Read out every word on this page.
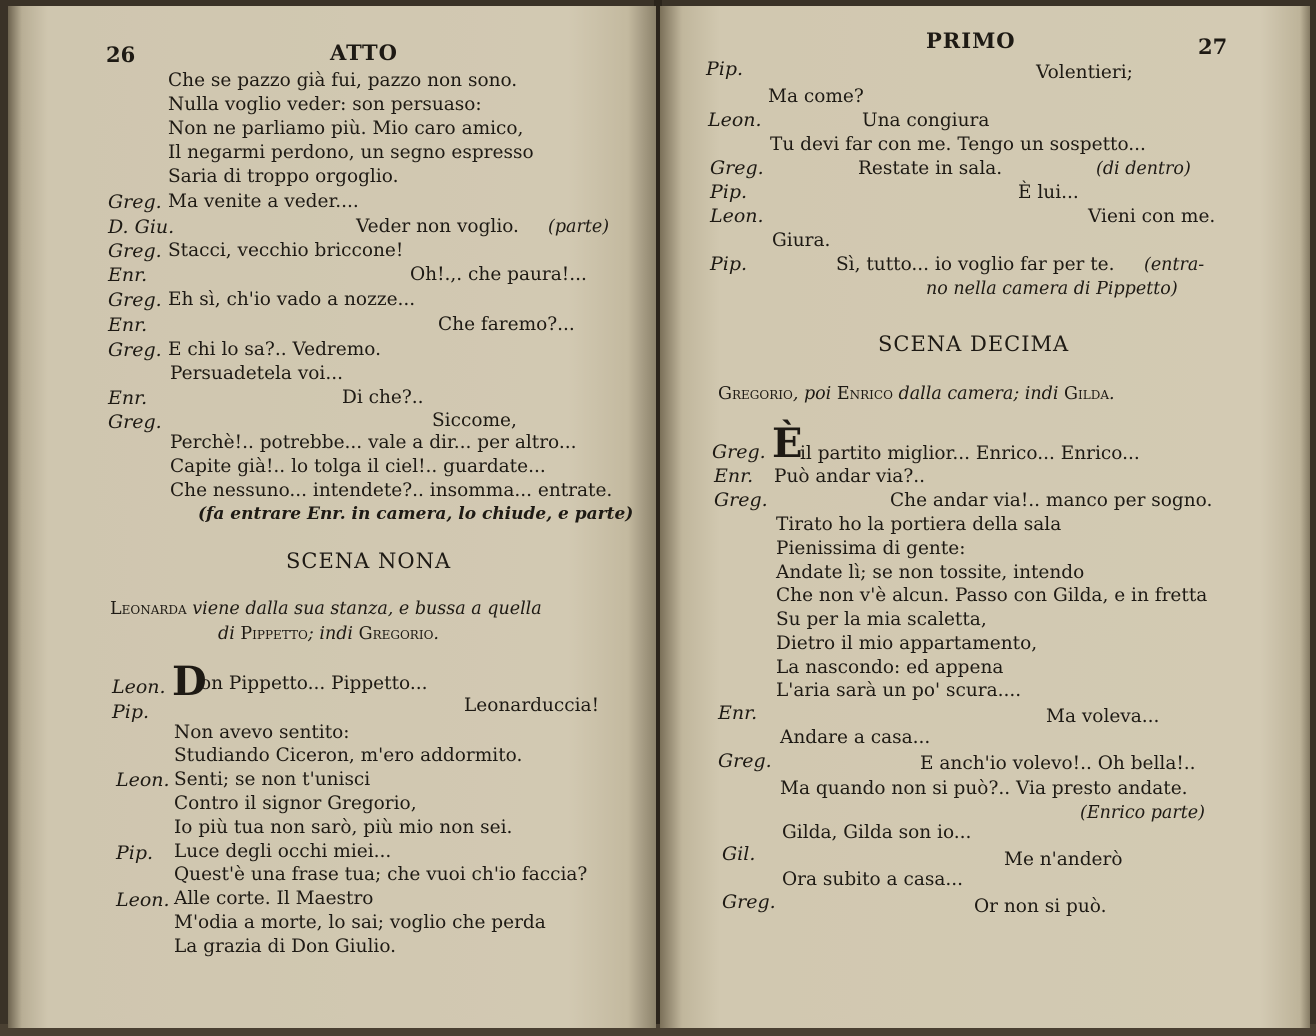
26	ATTO
Che se pazzo già fui, pazzo non sono.
Nulla voglio veder: son persuaso:
Non ne parliamo più. Mio caro amico,
Il negarmi perdono, un segno espresso
Saria di troppo orgoglio.
Greg. Ma venite a veder....
D. Giu.	Veder non voglio. (parte)
Greg. Stacci, vecchio briccone!
Enr.	Oh!.,. che paura!...
Greg. Eh sì, ch'io vado a nozze...
Enr.	Che faremo?...
Greg. E chi lo sa?.. Vedremo.
Persuadetela voi...
Enr.	Di che?..
Greg.	Siccome,
Perchè!.. potrebbe... vale a dir... per altro...
Capite già!.. lo tolga il ciel!.. guardate...
Che nessuno... intendete?.. insomma... entrate.
(fa entrare Enr. in camera, lo chiude, e parte)
SCENA NONA
Leonarda viene dalla sua stanza, e bussa a quella
di Pippetto; indi Gregorio.
Leon. D
on Pippetto... Pippetto...
Pip.	Leonarduccia!
Non avevo sentito:
Studiando Ciceron, m'ero addormito.
Leon. Senti; se non t'unisci
Contro il signor Gregorio,
Io più tua non sarò, più mio non sei.
Pip. Luce degli occhi miei...
Quest'è una frase tua; che vuoi ch'io faccia?
Leon. Alle corte. Il Maestro
M'odia a morte, lo sai; voglio che perda
La grazia di Don Giulio.
PRIMO	27
Pip.	Volentieri;
Ma come?
Leon.	Una congiura
Tu devi far con me. Tengo un sospetto...
Greg.	Restate in sala.	(di dentro)
Pip.	È lui...
Leon.	Vieni con me.
Giura.
Pip.	Sì, tutto... io voglio far per te. (entra-
no nella camera di Pippetto)
SCENA DECIMA
Gregorio, poi Enrico dalla camera; indi Gilda.
Greg. È
il partito miglior... Enrico... Enrico...
Enr. Può andar via?..
Greg.	Che andar via!.. manco per sogno.
Tirato ho la portiera della sala
Pienissima di gente:
Andate lì; se non tossite, intendo
Che non v'è alcun. Passo con Gilda, e in fretta
Su per la mia scaletta,
Dietro il mio appartamento,
La nascondo: ed appena
L'aria sarà un po' scura....
Enr.	Ma voleva...
Andare a casa...
Greg.	E anch'io volevo!.. Oh bella!..
Ma quando non si può?.. Via presto andate.
(Enrico parte)
Gilda, Gilda son io...
Gil.	Me n'anderò
Ora subito a casa...
Greg.	Or non si può.
